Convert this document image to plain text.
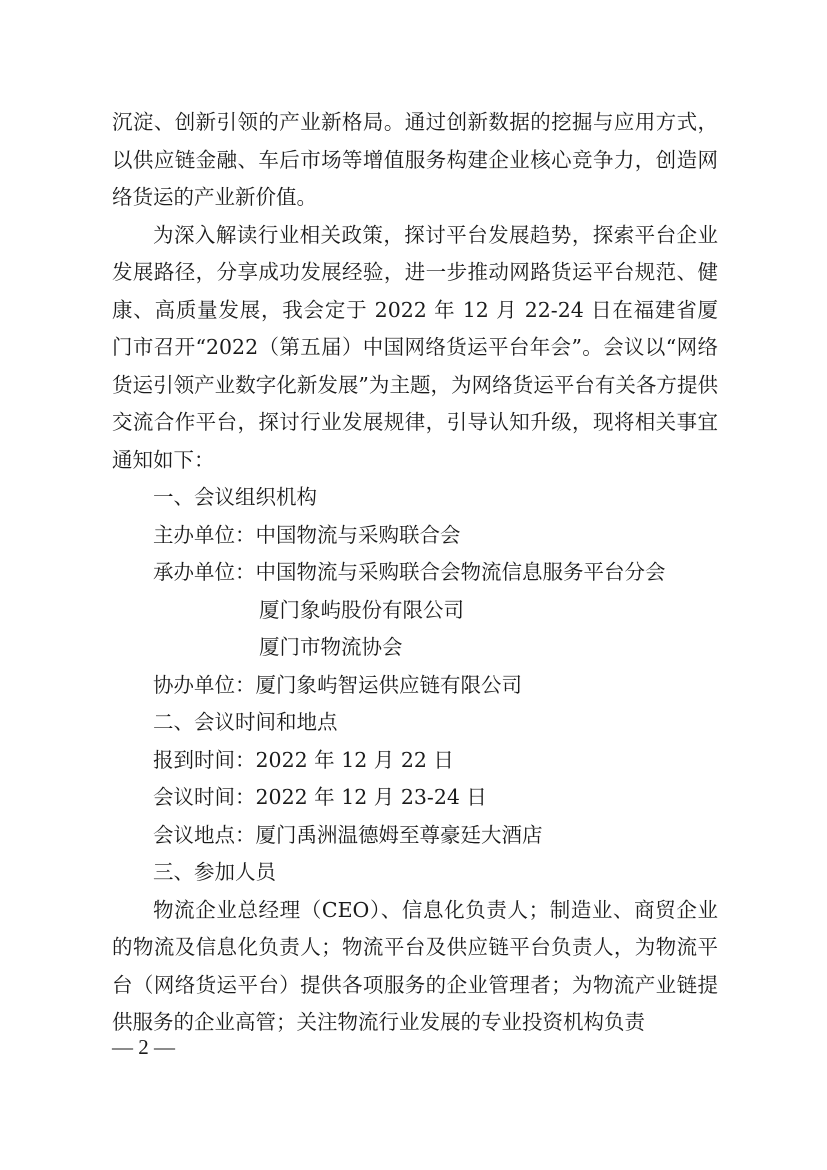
沉淀、创新引领的产业新格局。通过创新数据的挖掘与应用方式，以供应链金融、车后市场等增值服务构建企业核心竞争力，创造网络货运的产业新价值。

为深入解读行业相关政策，探讨平台发展趋势，探索平台企业发展路径，分享成功发展经验，进一步推动网路货运平台规范、健康、高质量发展，我会定于 2022 年 12 月 22-24 日在福建省厦门市召开“2022（第五届）中国网络货运平台年会”。会议以“网络货运引领产业数字化新发展”为主题，为网络货运平台有关各方提供交流合作平台，探讨行业发展规律，引导认知升级，现将相关事宜通知如下：

一、会议组织机构

主办单位：中国物流与采购联合会

承办单位：中国物流与采购联合会物流信息服务平台分会

厦门象屿股份有限公司

厦门市物流协会

协办单位：厦门象屿智运供应链有限公司

二、会议时间和地点

报到时间：2022 年 12 月 22 日

会议时间：2022 年 12 月 23-24 日

会议地点：厦门禹洲温德姆至尊豪廷大酒店

三、参加人员

物流企业总经理（CEO）、信息化负责人；制造业、商贸企业的物流及信息化负责人；物流平台及供应链平台负责人，为物流平台（网络货运平台）提供各项服务的企业管理者；为物流产业链提供服务的企业高管；关注物流行业发展的专业投资机构负责

— 2 —
